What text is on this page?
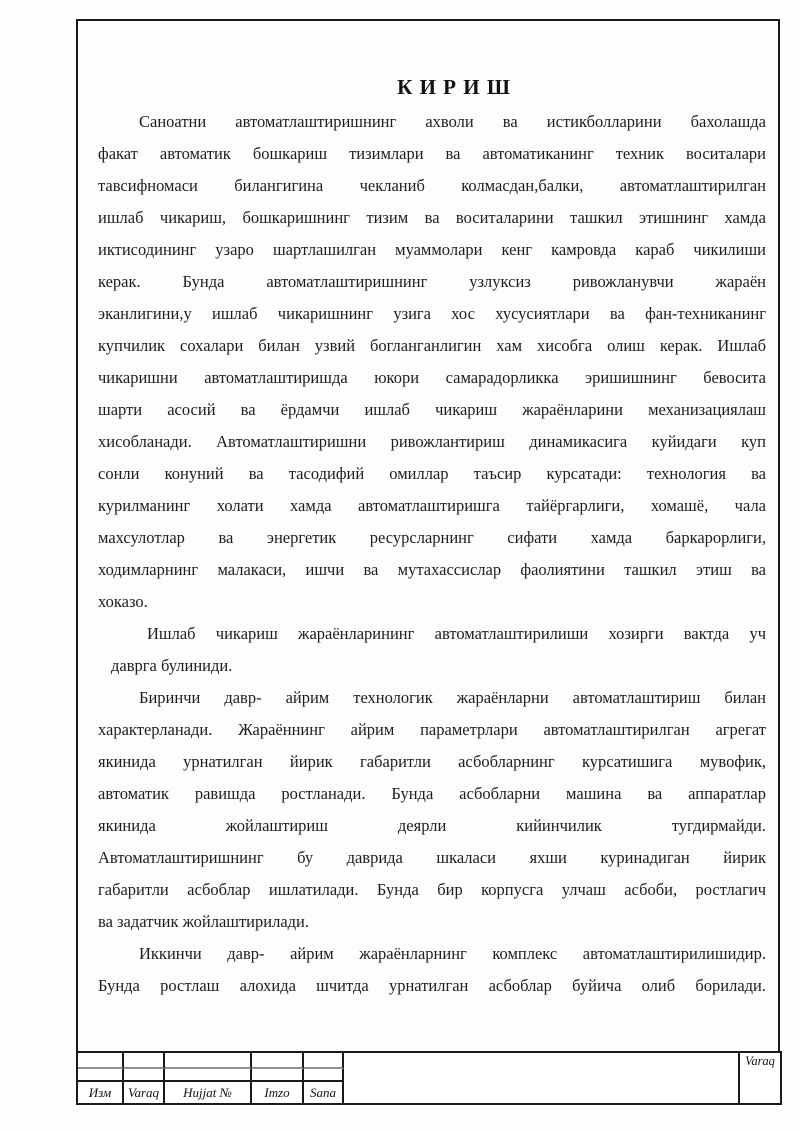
К И Р И Ш
Саноатни автоматлаштиришнинг ахволи ва истикболларини бахолашда
факат автоматик бошкариш тизимлари ва автоматиканинг техник воситалари
тавсифномаси билангигина чекланиб колмасдан,балки, автоматлаштирилган
ишлаб чикариш, бошкаришнинг тизим ва воситаларини ташкил этишнинг хамда
иктисодининг узаро шартлашилган муаммолари кенг камровда караб чикилиши
керак. Бунда автоматлаштиришнинг узлуксиз ривожланувчи жараён
эканлигини,у ишлаб чикаришнинг узига хос хусусиятлари ва фан-техниканинг
купчилик сохалари билан узвий богланганлигин хам хисобга олиш керак. Ишлаб
чикаришни автоматлаштиришда юкори самарадорликка эришишнинг бевосита
шарти асосий ва ёрдамчи ишлаб чикариш жараёнларини механизациялаш
хисобланади. Автоматлаштиришни ривожлантириш динамикасига куйидаги куп
сонли конуний ва тасодифий омиллар таъсир курсатади: технология ва
курилманинг холати хамда автоматлаштиришга тайёргарлиги, хомашё, чала
махсулотлар ва энергетик ресурсларнинг сифати хамда баркарорлиги,
ходимларнинг малакаси, ишчи ва мутахассислар фаолиятини ташкил этиш ва
хоказо.
Ишлаб чикариш жараёнларининг автоматлаштирилиши хозирги вактда уч
даврга булиниди.
Биринчи давр- айрим технологик жараёнларни автоматлаштириш билан
характерланади. Жараённинг айрим параметрлари автоматлаштирилган агрегат
якинида урнатилган йирик габаритли асбобларнинг курсатишига мувофик,
автоматик равишда ростланади. Бунда асбобларни машина ва аппаратлар
якинида жойлаштириш деярли кийинчилик тугдирмайди.
Автоматлаштиришнинг бу даврида шкаласи яхши куринадиган йирик
габаритли асбоблар ишлатилади. Бунда бир корпусга улчаш асбоби, ростлагич
ва задатчик жойлаштирилади.
Иккинчи давр- айрим жараёнларнинг комплекс автоматлаштирилишидир.
Бунда ростлаш алохида шчитда урнатилган асбоблар буйича олиб борилади.
Изм	Varaq	Hujjat №	Imzo	Sana
Varaq
